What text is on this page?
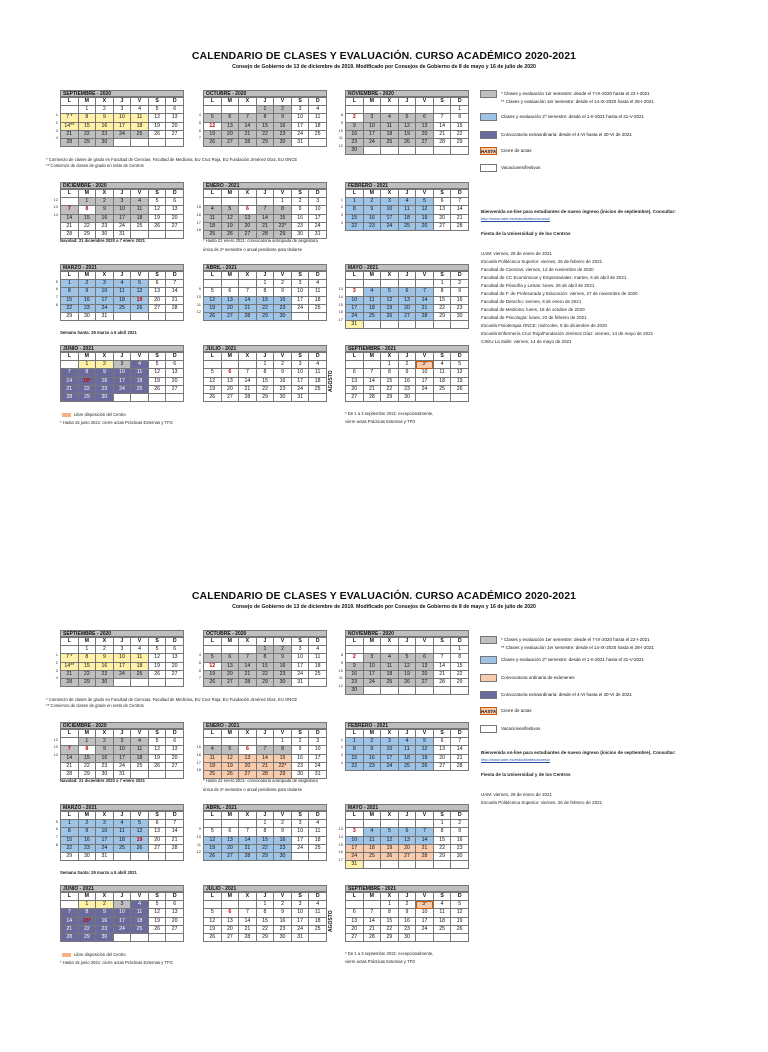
CALENDARIO DE CLASES Y EVALUACIÓN. CURSO ACADÉMICO 2020-2021
Consejo de Gobierno de 13 de diciembre de 2019. Modificado por Consejos de Gobierno de 8 de mayo y 16 de julio de 2020
SEPTIEMBRE - 2020
L	M	X	J	V	S	D
	1	2	3	4	5	6
7 *	8	9	10	11	12	13
14**	15	16	17	18	19	20
21	22	23	24	25	26	27
28	29	30				
1
2
3
4
OCTUBRE - 2020
L	M	X	J	V	S	D
			1	2	3	4
5	6	7	8	9	10	11
12	13	14	15	16	17	18
19	20	21	22	23	24	25
26	27	28	29	30	31	
4
5
6
7
NOVIEMBRE - 2020
L	M	X	J	V	S	D
						1
2	3	4	5	6	7	8
9	10	11	12	13	14	15
16	17	18	19	20	21	22
23	24	25	26	27	28	29
30						
8
9
10
11
12
DICIEMBRE - 2020
L	M	X	J	V	S	D
	1	2	3	4	5	6
7	8	9	10	11	12	13
14	15	16	17	18	19	20
21	22	23	24	25	26	27
28	29	30	31			
12
13
14
ENERO - 2021
L	M	X	J	V	S	D
				1	2	3
4	5	6	7	8	9	10
11	12	13	14	15	16	17
18	19	20	21	22*	23	24
25	26	27	28	29	30	31
15
16
17
18
FEBRERO - 2021
L	M	X	J	V	S	D
1	2	3	4	5	6	7
8	9	10	11	12	13	14
15	16	17	18	19	20	21
22	23	24	25	26	27	28
1
2
3
4
MARZO - 2021
L	M	X	J	V	S	D
1	2	3	4	5	6	7
8	9	10	11	12	13	14
15	16	17	18	19	20	21
22	23	24	25	26	27	28
29	30	31				
5
6
7
8
ABRIL - 2021
L	M	X	J	V	S	D
			1	2	3	4
5	6	7	8	9	10	11
12	13	14	15	16	17	18
19	20	21	22	23	24	25
26	27	28	29	30		
9
10
11
12
MAYO - 2021
L	M	X	J	V	S	D
					1	2
3	4	5	6	7	8	9
10	11	12	13	14	15	16
17	18	19	20	21	22	23
24	25	26	27	28	29	30
31						
13
14
15
16
17
JUNIO - 2021
L	M	X	J	V	S	D
	1	2	3	4	5	6
7	8	9	10	11	12	13
14	15*	16	17	18	19	20
21	22	23	24	25	26	27
28	29	30				
JULIO - 2021
L	M	X	J	V	S	D
			1	2	3	4
5	6	7	8	9	10	11
12	13	14	15	16	17	18
19	20	21	22	23	24	25
26	27	28	29	30	31	
SEPTIEMBRE - 2021
L	M	X	J	V	S	D
		1	2	3*	4	5
6	7	8	9	10	11	12
13	14	15	16	17	18	19
20	21	22	23	24	25	26
27	28	29	30			
* Comienzo de clases de grado en Facultad de Ciencias, Facultad de Medicina, EU Cruz Roja, EU Fundación Jiménez Díaz, EU ONCE
** Comienzo de clases de grado en resto de Centros
Navidad: 21 diciembre 2020 a 7 enero 2021	* Hasta 22 enero 2021: convocatoria anticipada de asignatura
única de 2º semestre o anual pendiente para titularse
Semana Santa: 29 marzo a 5 abril 2021
* Hasta 15 junio 2021: cierre actas Prácticas Externas y TFG
* De 1 a 3 septiembre 2021: excepcionalmente,
cierre actas Prácticas Externas y TFG
Libre disposición del Centro
AGOSTO
* Clases y evaluación 1er semestre: desde el 7-IX-2020 hasta el 22-I-2021
** Clases y evaluación 1er semestre: desde el 14-IX-2020 hasta el 28-I-2021
Clases y evaluación 2º semestre: desde el 1-II-2021 hasta el 31-V-2021
Convocatoria extraordinaria: desde el 4-VI hasta el 30-VI de 2021
HASTA Cierre de actas
Vacaciones/festivos
Bienvenida on-line para estudiantes de nuevo ingreso (inicios de septiembre). Consultar:
http://www.uam.es/estudiantes/acceso/
Fiesta de la Universidad y de los Centros
UAM: viernes, 29 de enero de 2021
Escuela Politécnica Superior: viernes, 26 de febrero de 2021
Facultad de Ciencias: viernes, 13 de noviembre de 2020
Facultad de CC Económicas y Empresariales: martes, 6 de abril de 2021
Facultad de Filosofía y Letras: lunes, 26 de abril de 2021
Facultad de F. de Profesorado y Educación: viernes, 27 de noviembre de 2020
Facultad de Derecho: viernes, 8 de enero de 2021
Facultad de Medicina: lunes, 18 de octubre de 2020
Facultad de Psicología: lunes, 22 de febrero de 2021
Escuela Fisioterapia ONCE: miércoles, 9 de diciembre de 2020
Escuela Enfermería Cruz Roja/Fundación Jiménez Díaz: viernes, 14 de mayo de 2021
CSEU La Salle: viernes, 14 de mayo de 2021
CALENDARIO DE CLASES Y EVALUACIÓN. CURSO ACADÉMICO 2020-2021
Consejo de Gobierno de 13 de diciembre de 2019. Modificado por Consejos de Gobierno de 8 de mayo y 16 de julio de 2020
SEPTIEMBRE - 2020
L	M	X	J	V	S	D
	1	2	3	4	5	6
7 *	8	9	10	11	12	13
14**	15	16	17	18	19	20
21	22	23	24	25	26	27
28	29	30				
1
2
3
4
OCTUBRE - 2020
L	M	X	J	V	S	D
			1	2	3	4
5	6	7	8	9	10	11
12	13	14	15	16	17	18
19	20	21	22	23	24	25
26	27	28	29	30	31	
4
5
6
7
NOVIEMBRE - 2020
L	M	X	J	V	S	D
						1
2	3	4	5	6	7	8
9	10	11	12	13	14	15
16	17	18	19	20	21	22
23	24	25	26	27	28	29
30						
8
9
10
11
12
DICIEMBRE - 2020
L	M	X	J	V	S	D
	1	2	3	4	5	6
7	8	9	10	11	12	13
14	15	16	17	18	19	20
21	22	23	24	25	26	27
28	29	30	31			
12
13
14
ENERO - 2021
L	M	X	J	V	S	D
				1	2	3
4	5	6	7	8	9	10
11	12	13	14	15	16	17
18	19	20	21	22*	23	24
25	26	27	28	29	30	31
15
16
17
18
FEBRERO - 2021
L	M	X	J	V	S	D
1	2	3	4	5	6	7
8	9	10	11	12	13	14
15	16	17	18	19	20	21
22	23	24	25	26	27	28
1
2
3
4
MARZO - 2021
L	M	X	J	V	S	D
1	2	3	4	5	6	7
8	9	10	11	12	13	14
15	16	17	18	19	20	21
22	23	24	25	26	27	28
29	30	31				
5
6
7
8
ABRIL - 2021
L	M	X	J	V	S	D
			1	2	3	4
5	6	7	8	9	10	11
12	13	14	15	16	17	18
19	20	21	22	23	24	25
26	27	28	29	30		
9
10
11
12
MAYO - 2021
L	M	X	J	V	S	D
					1	2
3	4	5	6	7	8	9
10	11	12	13	14	15	16
17	18	19	20	21	22	23
24	25	26	27	28	29	30
31						
13
14
15
16
17
JUNIO - 2021
L	M	X	J	V	S	D
	1	2	3	4	5	6
7	8	9	10	11	12	13
14	15*	16	17	18	19	20
21	22	23	24	25	26	27
28	29	30				
JULIO - 2021
L	M	X	J	V	S	D
			1	2	3	4
5	6	7	8	9	10	11
12	13	14	15	16	17	18
19	20	21	22	23	24	25
26	27	28	29	30	31	
SEPTIEMBRE - 2021
L	M	X	J	V	S	D
		1	2	3*	4	5
6	7	8	9	10	11	12
13	14	15	16	17	18	19
20	21	22	23	24	25	26
27	28	29	30			
* Comienzo de clases de grado en Facultad de Ciencias, Facultad de Medicina, EU Cruz Roja, EU Fundación Jiménez Díaz, EU ONCE
** Comienzo de clases de grado en resto de Centros
Navidad: 21 diciembre 2020 a 7 enero 2021	* Hasta 22 enero 2021: convocatoria anticipada de asignatura
única de 2º semestre o anual pendiente para titularse
Semana Santa: 29 marzo a 5 abril 2021
* Hasta 15 junio 2021: cierre actas Prácticas Externas y TFG
* De 1 a 3 septiembre 2021: excepcionalmente,
cierre actas Prácticas Externas y TFG
Libre disposición del Centro
AGOSTO
* Clases y evaluación 1er semestre: desde el 7-IX-2020 hasta el 22-I-2021
** Clases y evaluación 1er semestre: desde el 14-IX-2020 hasta el 28-I-2021
Clases y evaluación 2º semestre: desde el 1-II-2021 hasta el 31-V-2021
Convocatoria ordinaria de exámenes
Convocatoria extraordinaria: desde el 4-VI hasta el 30-VI de 2021
HASTA Cierre de actas
Vacaciones/festivos
Bienvenida on-line para estudiantes de nuevo ingreso (inicios de septiembre). Consultar:
http://www.uam.es/estudiantes/acceso/
Fiesta de la Universidad y de los Centros
UAM: viernes, 29 de enero de 2021
Escuela Politécnica Superior: viernes, 26 de febrero de 2021
